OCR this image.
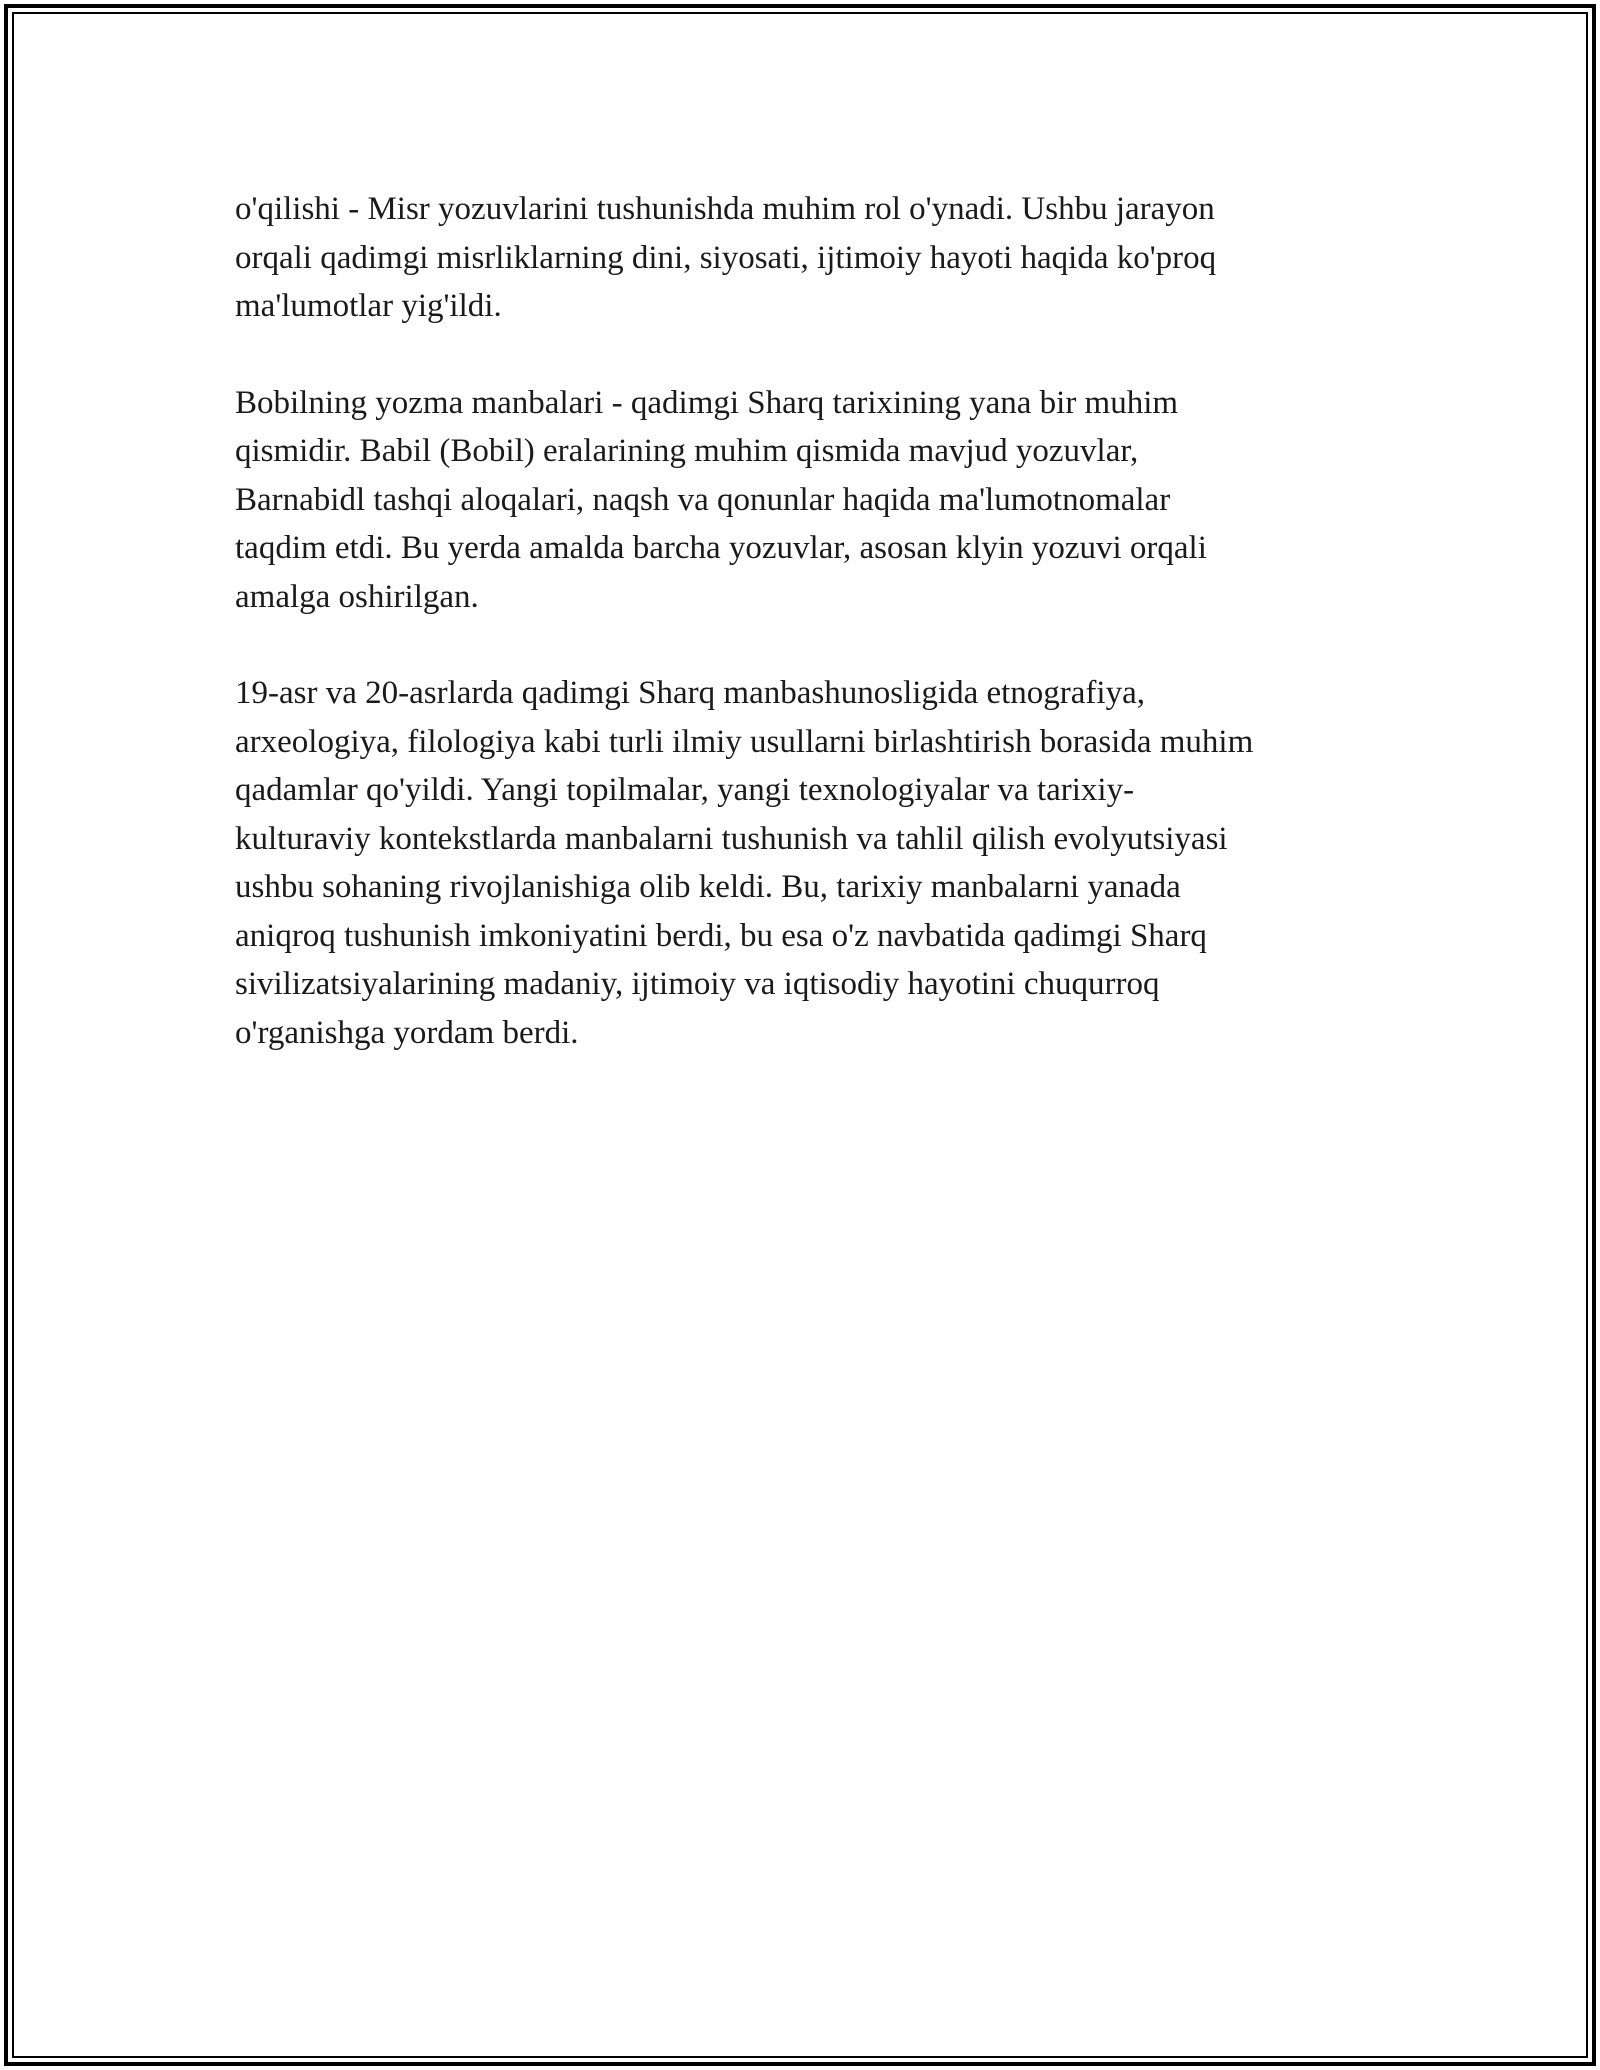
o'qilishi - Misr yozuvlarini tushunishda muhim rol o'ynadi. Ushbu jarayon
orqali qadimgi misrliklarning dini, siyosati, ijtimoiy hayoti haqida ko'proq
ma'lumotlar yig'ildi.

Bobilning yozma manbalari - qadimgi Sharq tarixining yana bir muhim
qismidir. Babil (Bobil) eralarining muhim qismida mavjud yozuvlar,
Barnabidl tashqi aloqalari, naqsh va qonunlar haqida ma'lumotnomalar
taqdim etdi. Bu yerda amalda barcha yozuvlar, asosan klyin yozuvi orqali
amalga oshirilgan.

19-asr va 20-asrlarda qadimgi Sharq manbashunosligida etnografiya,
arxeologiya, filologiya kabi turli ilmiy usullarni birlashtirish borasida muhim
qadamlar qo'yildi. Yangi topilmalar, yangi texnologiyalar va tarixiy-
kulturaviy kontekstlarda manbalarni tushunish va tahlil qilish evolyutsiyasi
ushbu sohaning rivojlanishiga olib keldi. Bu, tarixiy manbalarni yanada
aniqroq tushunish imkoniyatini berdi, bu esa o'z navbatida qadimgi Sharq
sivilizatsiyalarining madaniy, ijtimoiy va iqtisodiy hayotini chuqurroq
o'rganishga yordam berdi.
